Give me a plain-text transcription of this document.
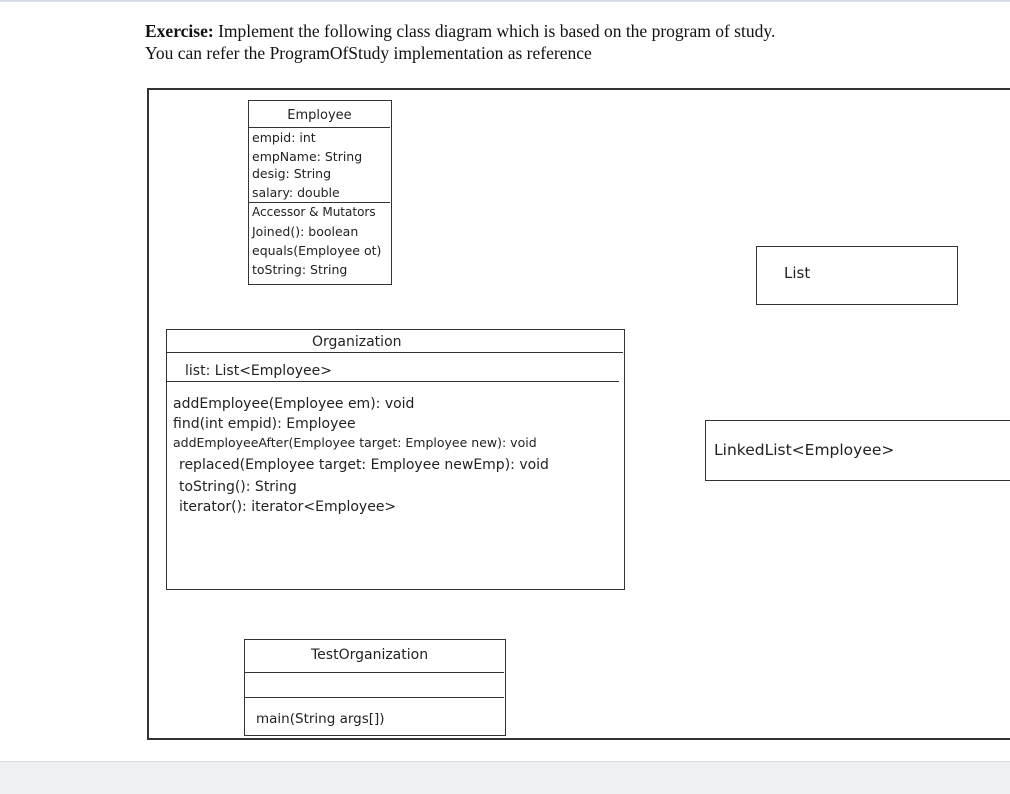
Exercise: Implement the following class diagram which is based on the program of study.
You can refer the ProgramOfStudy implementation as reference
Employee
empid: int
empName: String
desig: String
salary: double
Accessor & Mutators
Joined(): boolean
equals(Employee ot)
toString: String	List
Organization
list: List<Employee>
addEmployee(Employee em): void
find(int empid): Employee
addEmployeeAfter(Employee target: Employee new): void
replaced(Employee target: Employee newEmp): void
toString(): String
iterator(): iterator<Employee>
LinkedList<Employee>
TestOrganization
main(String args[])
